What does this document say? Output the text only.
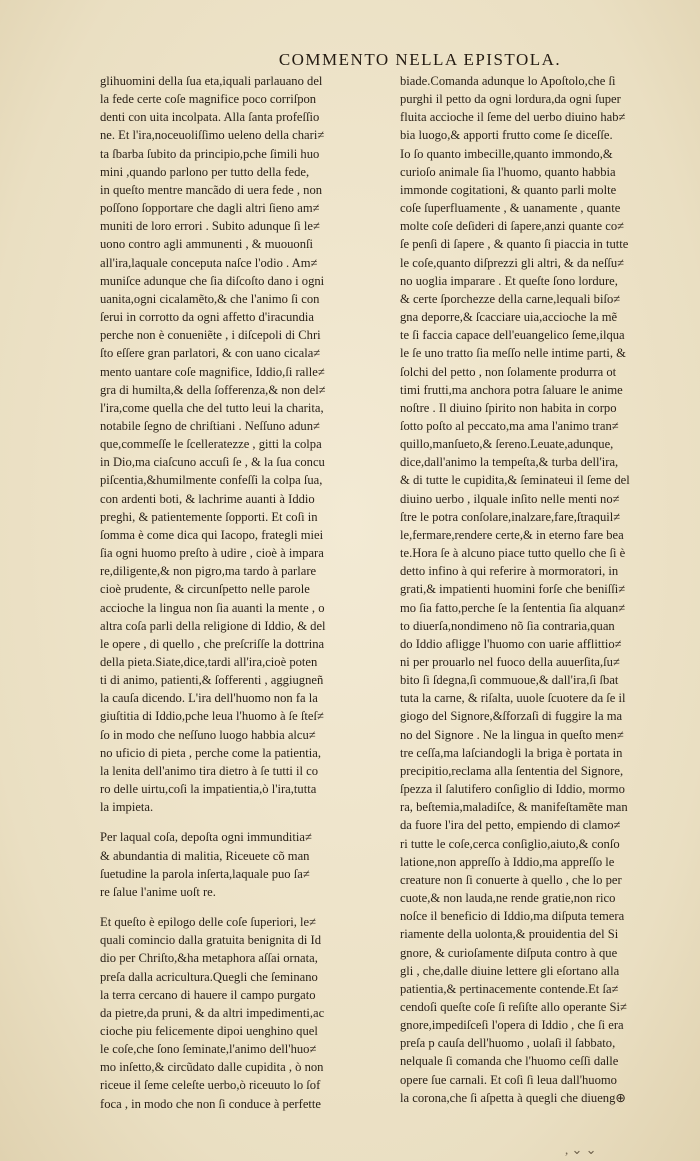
COMMENTO NELLA EPISTOLA.
glihuomini della ſua eta,iquali parlauano del
la fede certe coſe magnifice poco corriſpon
denti con uita incolpata. Alla ſanta profeſſio
ne. Et l'ira,noceuoliſſimo ueleno della chari≠
ta ſbarba ſubito da principio,pche ſimili huo
mini ,quando parlono per tutto della fede,
in queſto mentre mancãdo di uera fede , non
poſſono ſopportare che dagli altri ſieno am≠
muniti de loro errori . Subito adunque ſi le≠
uono contro agli ammunenti , & muouonſi
all'ira,laquale conceputa naſce l'odio . Am≠
muniſce adunque che ſia diſcoſto dano i ogni
uanita,ogni cicalamẽto,& che l'animo ſi con
ſerui in corrotto da ogni affetto d'iracundia
perche non è conueniẽte , i diſcepoli di Chri
ſto eſſere gran parlatori, & con uano cicala≠
mento uantare coſe magnifice, Iddio,ſi ralle≠
gra di humilta,& della ſofferenza,& non del≠
l'ira,come quella che del tutto leui la charita,
notabile ſegno de chriſtiani . Neſſuno adun≠
que,commeſſe le ſcelleratezze , gitti la colpa
in Dio,ma ciaſcuno accuſi ſe , & la ſua concu
piſcentia,&humilmente confeſſi la colpa ſua,
con ardenti boti, & lachrime auanti à Iddio
preghi, & patientemente ſopporti. Et coſi in
ſomma è come dica qui Iacopo, frategli miei
ſia ogni huomo preſto à udire , cioè à impara
re,diligente,& non pigro,ma tardo à parlare
cioè prudente, & circunſpetto nelle parole
accioche la lingua non ſia auanti la mente , o
altra coſa parli della religione di Iddio, & del
le opere , di quello , che preſcriſſe la dottrina
della pieta.Siate,dice,tardi all'ira,cioè poten
ti di animo, patienti,& ſofferenti , aggiugneñ
la cauſa dicendo. L'ira dell'huomo non fa la
giuſtitia di Iddio,pche leua l'huomo à ſe ſteſ≠
ſo in modo che neſſuno luogo habbia alcu≠
no uficio di pieta , perche come la patientia,
la lenita dell'animo tira dietro à ſe tutti il co
ro delle uirtu,coſi la impatientia,ò l'ira,tutta
la impieta.
Per laqual coſa, depoſta ogni immunditia≠
& abundantia di malitia, Riceuete cõ man
ſuetudine la parola inſerta,laquale puo ſa≠
re ſalue l'anime uoſt re.
Et queſto è epilogo delle coſe ſuperiori, le≠
quali comincio dalla gratuita benignita di Id
dio per Chriſto,&ha metaphora aſſai ornata,
preſa dalla acricultura.Quegli che ſeminano
la terra cercano di hauere il campo purgato
da pietre,da pruni, & da altri impedimenti,ac
cioche piu felicemente dipoi uenghino quel
le coſe,che ſono ſeminate,l'animo dell'huo≠
mo inſetto,& circũdato dalle cupidita , ò non
riceue il ſeme celeſte uerbo,ò riceuuto lo ſof
foca , in modo che non ſi conduce à perfette
biade.Comanda adunque lo Apoſtolo,che ſi
purghi il petto da ogni lordura,da ogni ſuper
fluita accioche il ſeme del uerbo diuino hab≠
bia luogo,& apporti frutto come ſe diceſſe.
Io ſo quanto imbecille,quanto immondo,&
curioſo animale ſia l'huomo, quanto habbia
immonde cogitationi, & quanto parli molte
coſe ſuperfluamente , & uanamente , quante
molte coſe deſideri di ſapere,anzi quante co≠
ſe penſi di ſapere , & quanto ſi piaccia in tutte
le coſe,quanto diſprezzi gli altri, & da neſſu≠
no uoglia imparare . Et queſte ſono lordure,
& certe ſporchezze della carne,lequali biſo≠
gna deporre,& ſcacciare uia,accioche la mẽ
te ſi faccia capace dell'euangelico ſeme,ilqua
le ſe uno tratto ſia meſſo nelle intime parti, &
ſolchi del petto , non ſolamente produrra ot
timi frutti,ma anchora potra ſaluare le anime
noſtre . Il diuino ſpirito non habita in corpo
ſotto poſto al peccato,ma ama l'animo tran≠
quillo,manſueto,& ſereno.Leuate,adunque,
dice,dall'animo la tempeſta,& turba dell'ira,
& di tutte le cupidita,& ſeminateui il ſeme del
diuino uerbo , ilquale inſito nelle menti no≠
ſtre le potra conſolare,inalzare,fare,ſtraquil≠
le,fermare,rendere certe,& in eterno fare bea
te.Hora ſe à alcuno piace tutto quello che ſi è
detto infino à qui referire à mormoratori, in
grati,& impatienti huomini forſe che beniſſi≠
mo ſia fatto,perche ſe la ſententia ſia alquan≠
to diuerſa,nondimeno nõ ſia contraria,quan
do Iddio afligge l'huomo con uarie afflittio≠
ni per prouarlo nel fuoco della auuerſita,ſu≠
bito ſi ſdegna,ſi commuoue,& dall'ira,ſi ſbat
tuta la carne, & riſalta, uuole ſcuotere da ſe il
giogo del Signore,&ſforzaſi di fuggire la ma
no del Signore . Ne la lingua in queſto men≠
tre ceſſa,ma laſciandogli la briga è portata in
precipitio,reclama alla ſententia del Signore,
ſpezza il ſalutifero conſiglio di Iddio, mormo
ra, beſtemia,maladiſce, & manifeſtamẽte man
da fuore l'ira del petto, empiendo di clamo≠
ri tutte le coſe,cerca conſiglio,aiuto,& conſo
latione,non appreſſo à Iddio,ma appreſſo le
creature non ſi conuerte à quello , che lo per
cuote,& non lauda,ne rende gratie,non rico
noſce il beneficio di Iddio,ma diſputa temera
riamente della uolonta,& prouidentia del Si
gnore, & curioſamente diſputa contro à que
gli , che,dalle diuine lettere gli eſortano alla
patientia,& pertinacemente contende.Et ſa≠
cendoſi queſte coſe ſi reſiſte allo operante Si≠
gnore,impediſceſi l'opera di Iddio , che ſi era
preſa p cauſa dell'huomo , uolaſi il ſabbato,
nelquale ſi comanda che l'huomo ceſſi dalle
opere ſue carnali. Et coſi ſi leua dall'huomo
la corona,che ſi aſpetta à quegli che diueng⊕
, ⌄ ⌄
